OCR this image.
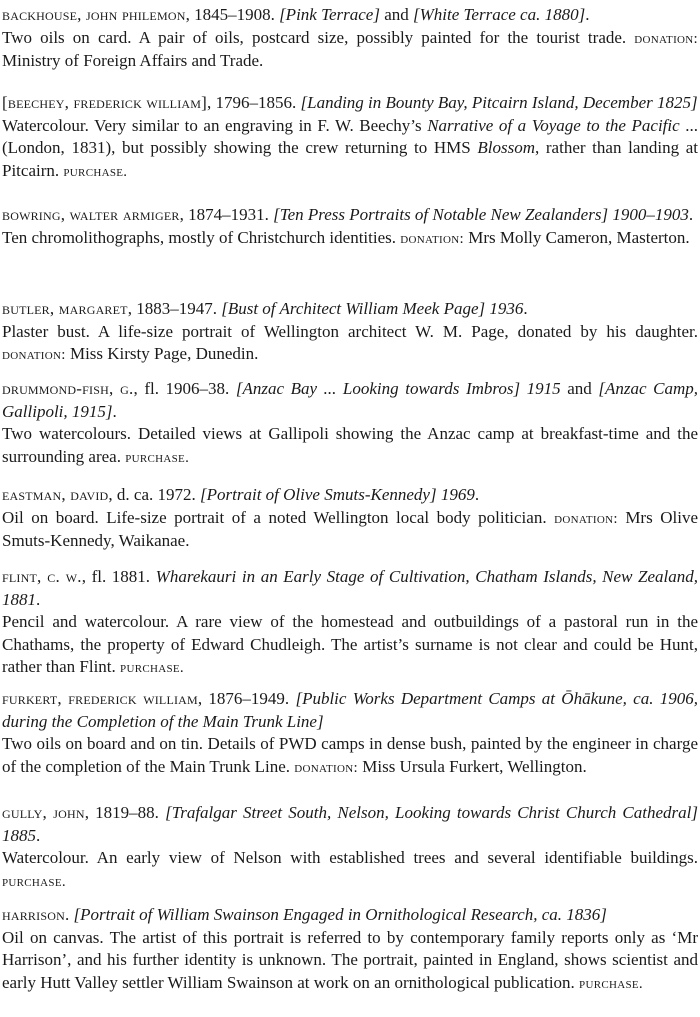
backhouse, john philemon, 1845–1908. [Pink Terrace] and [White Terrace ca. 1880].
Two oils on card. A pair of oils, postcard size, possibly painted for the tourist trade. donation: Ministry of Foreign Affairs and Trade.
[beechey, frederick william], 1796–1856. [Landing in Bounty Bay, Pitcairn Island, December 1825]
Watercolour. Very similar to an engraving in F. W. Beechy’s Narrative of a Voyage to the Pacific ... (London, 1831), but possibly showing the crew returning to HMS Blossom, rather than landing at Pitcairn. purchase.
bowring, walter armiger, 1874–1931. [Ten Press Portraits of Notable New Zealanders] 1900–1903.
Ten chromolithographs, mostly of Christchurch identities. donation: Mrs Molly Cameron, Masterton.
butler, margaret, 1883–1947. [Bust of Architect William Meek Page] 1936.
Plaster bust. A life-size portrait of Wellington architect W. M. Page, donated by his daughter. donation: Miss Kirsty Page, Dunedin.
drummond-fish, g., fl. 1906–38. [Anzac Bay ... Looking towards Imbros] 1915 and [Anzac Camp, Gallipoli, 1915].
Two watercolours. Detailed views at Gallipoli showing the Anzac camp at breakfast-time and the surrounding area. purchase.
eastman, david, d. ca. 1972. [Portrait of Olive Smuts-Kennedy] 1969.
Oil on board. Life-size portrait of a noted Wellington local body politician. donation: Mrs Olive Smuts-Kennedy, Waikanae.
flint, c. w., fl. 1881. Wharekauri in an Early Stage of Cultivation, Chatham Islands, New Zealand, 1881.
Pencil and watercolour. A rare view of the homestead and outbuildings of a pastoral run in the Chathams, the property of Edward Chudleigh. The artist’s surname is not clear and could be Hunt, rather than Flint. purchase.
furkert, frederick william, 1876–1949. [Public Works Department Camps at Ōhākune, ca. 1906, during the Completion of the Main Trunk Line]
Two oils on board and on tin. Details of PWD camps in dense bush, painted by the engineer in charge of the completion of the Main Trunk Line. donation: Miss Ursula Furkert, Wellington.
gully, john, 1819–88. [Trafalgar Street South, Nelson, Looking towards Christ Church Cathedral] 1885.
Watercolour. An early view of Nelson with established trees and several identifiable buildings. purchase.
harrison. [Portrait of William Swainson Engaged in Ornithological Research, ca. 1836]
Oil on canvas. The artist of this portrait is referred to by contemporary family reports only as ‘Mr Harrison’, and his further identity is unknown. The portrait, painted in England, shows scientist and early Hutt Valley settler William Swainson at work on an ornithological publication. purchase.
